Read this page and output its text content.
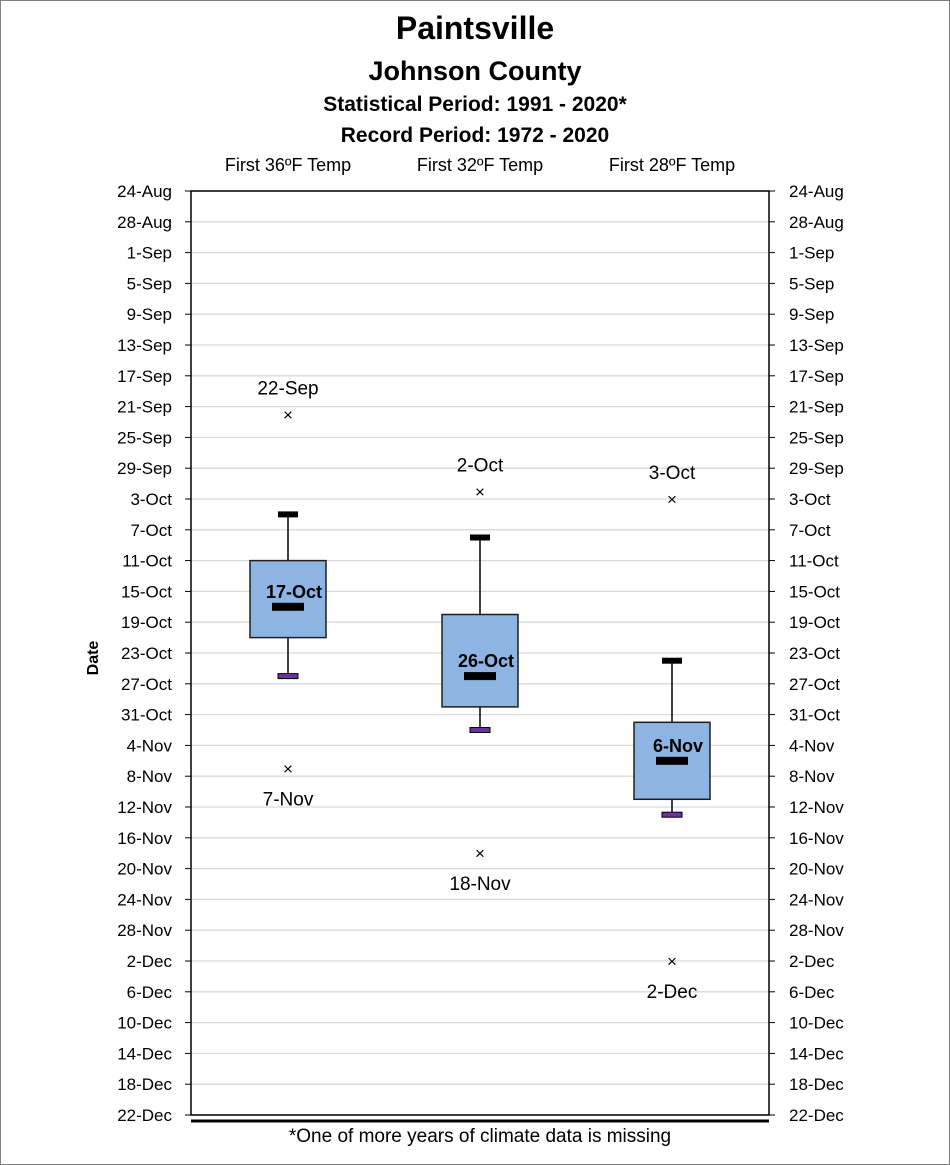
Paintsville
Johnson County
Statistical Period: 1991 - 2020*
Record Period: 1972 - 2020
24-Aug	24-Aug
28-Aug	28-Aug
1-Sep	1-Sep
5-Sep	5-Sep
9-Sep	9-Sep
13-Sep	13-Sep
17-Sep	17-Sep
21-Sep	21-Sep
25-Sep	25-Sep
29-Sep	29-Sep
3-Oct	3-Oct
7-Oct	7-Oct
11-Oct	11-Oct
15-Oct	15-Oct
19-Oct	19-Oct
23-Oct	23-Oct
27-Oct	27-Oct
31-Oct	31-Oct
4-Nov	4-Nov
8-Nov	8-Nov
12-Nov	12-Nov
16-Nov	16-Nov
20-Nov	20-Nov
24-Nov	24-Nov
28-Nov	28-Nov
2-Dec	2-Dec
6-Dec	6-Dec
10-Dec	10-Dec
14-Dec	14-Dec
18-Dec	18-Dec
22-Dec	22-Dec
Date
First 36ºF Temp	First 32ºF Temp	First 28ºF Temp
17-Oct
×
22-Sep
×
7-Nov
26-Oct
×
2-Oct
×
18-Nov
6-Nov
×
3-Oct
×
2-Dec
*One of more years of climate data is missing
